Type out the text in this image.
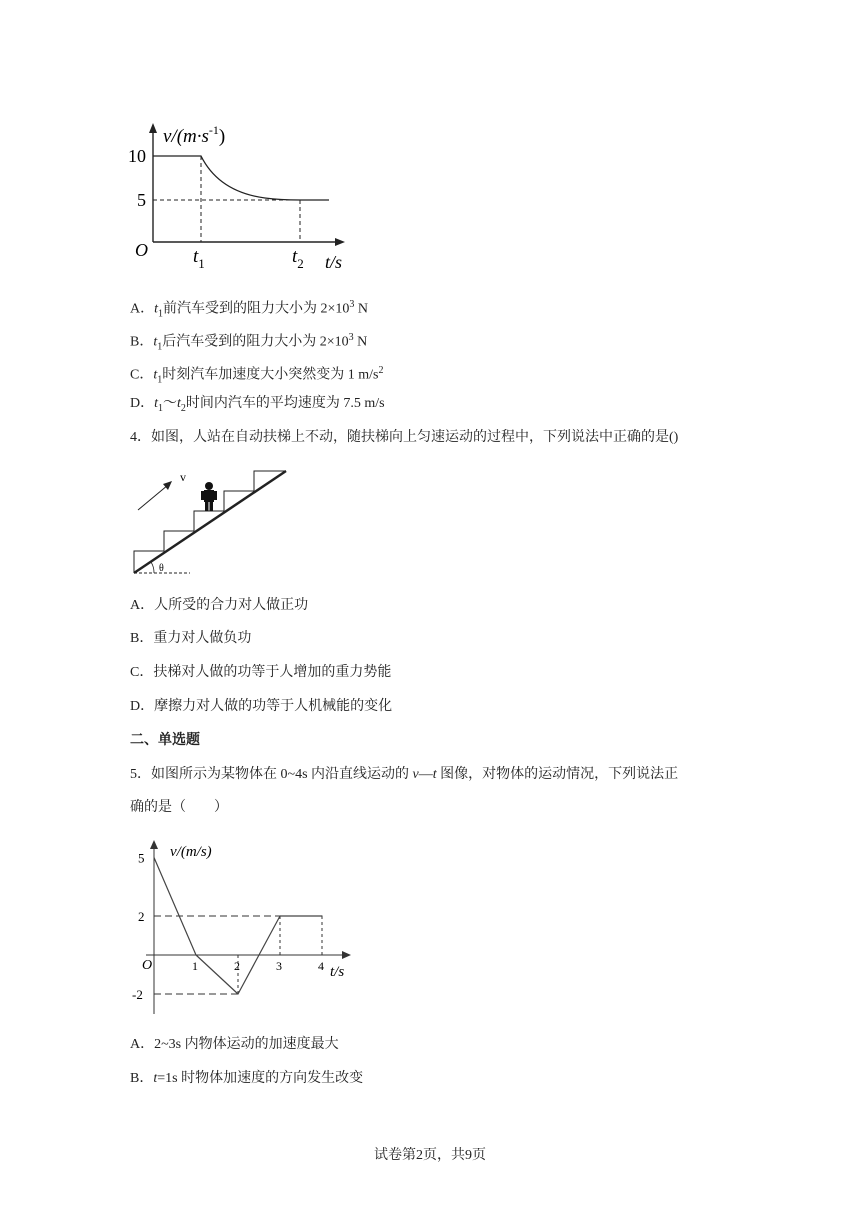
$v/(m\cdot s^{-1})$
10
5
O $t_1$	$t_2$ t/s
A．$t_1$前汽车受到的阻力大小为 $2\times 10^3$ N
B．$t_1$后汽车受到的阻力大小为 $2\times 10^3$ N
C．$t_1$时刻汽车加速度大小突然变为 1 $m/s^2$
D．$t_1\sim t_2$时间内汽车的平均速度为 7.5 m/s
4．如图，人站在自动扶梯上不动，随扶梯向上匀速运动的过程中，下列说法中正确的是()
v
θ
A．人所受的合力对人做正功
B．重力对人做负功
C．扶梯对人做的功等于人增加的重力势能
D．摩擦力对人做的功等于人机械能的变化
二、单选题
5．如图所示为某物体在 0~4s 内沿直线运动的 v—t 图像，对物体的运动情况，下列说法正
确的是（　　）
v/(m/s)
t/s
O
5
2
-2
1	2	3	4
A．2~3s 内物体运动的加速度最大
B．t=1s 时物体加速度的方向发生改变
试卷第2页，共9页
